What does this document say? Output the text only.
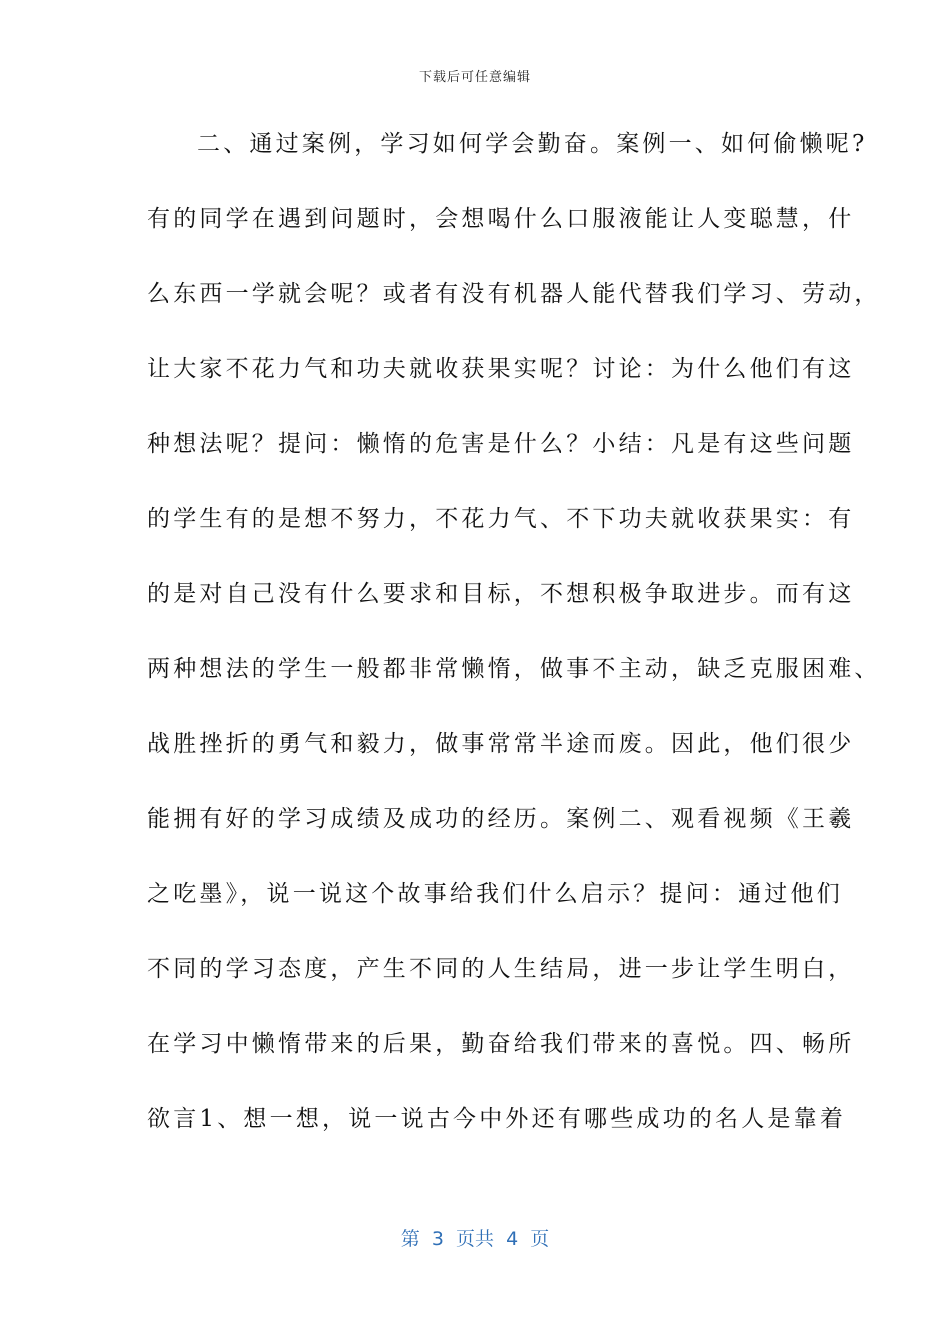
下载后可任意编辑
二、通过案例，学习如何学会勤奋。案例一、如何偷懒呢?
有的同学在遇到问题时，会想喝什么口服液能让人变聪慧，什
么东西一学就会呢？或者有没有机器人能代替我们学习、劳动，
让大家不花力气和功夫就收获果实呢？讨论：为什么他们有这
种想法呢？提问：懒惰的危害是什么？小结：凡是有这些问题
的学生有的是想不努力，不花力气、不下功夫就收获果实：有
的是对自己没有什么要求和目标，不想积极争取进步。而有这
两种想法的学生一般都非常懒惰，做事不主动，缺乏克服困难、
战胜挫折的勇气和毅力，做事常常半途而废。因此，他们很少
能拥有好的学习成绩及成功的经历。案例二、观看视频《王羲
之吃墨》，说一说这个故事给我们什么启示？提问：通过他们
不同的学习态度，产生不同的人生结局，进一步让学生明白，
在学习中懒惰带来的后果，勤奋给我们带来的喜悦。四、畅所
欲言1、想一想，说一说古今中外还有哪些成功的名人是靠着
第  3  页共  4  页
